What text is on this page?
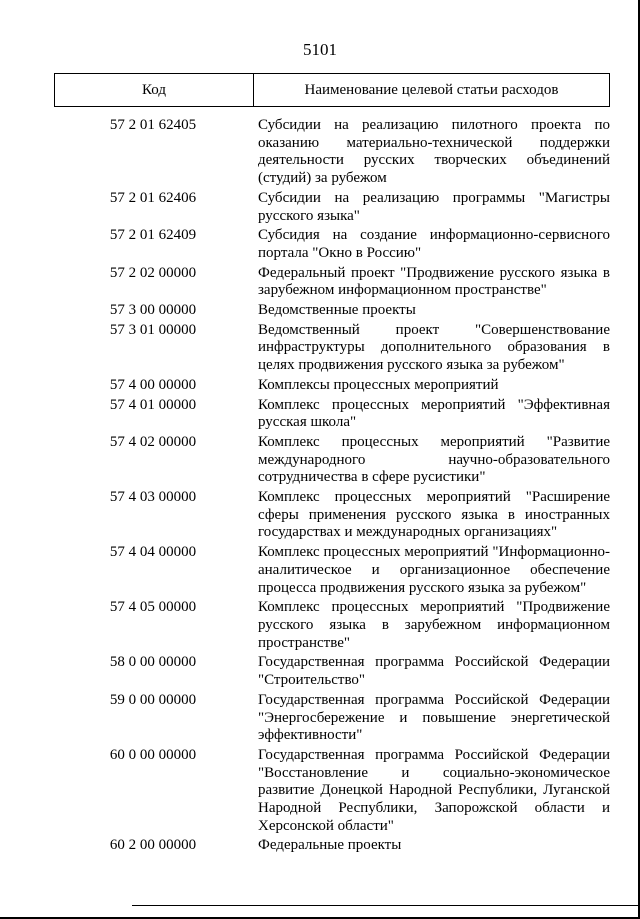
5101
Код	Наименование целевой статьи расходов
57 2 01 62405	Субсидии на реализацию пилотного проекта по оказанию материально-технической поддержки деятельности русских творческих объединений (студий) за рубежом
57 2 01 62406	Субсидии на реализацию программы "Магистры русского языка"
57 2 01 62409	Субсидия на создание информационно-сервисного портала "Окно в Россию"
57 2 02 00000	Федеральный проект "Продвижение русского языка в зарубежном информационном пространстве"
57 3 00 00000	Ведомственные проекты
57 3 01 00000	Ведомственный проект "Совершенствование инфраструктуры дополнительного образования в целях продвижения русского языка за рубежом"
57 4 00 00000	Комплексы процессных мероприятий
57 4 01 00000	Комплекс процессных мероприятий "Эффективная русская школа"
57 4 02 00000	Комплекс процессных мероприятий "Развитие международного научно-образовательного сотрудничества в сфере русистики"
57 4 03 00000	Комплекс процессных мероприятий "Расширение сферы применения русского языка в иностранных государствах и международных организациях"
57 4 04 00000	Комплекс процессных мероприятий "Информационно-аналитическое и организационное обеспечение процесса продвижения русского языка за рубежом"
57 4 05 00000	Комплекс процессных мероприятий "Продвижение русского языка в зарубежном информационном пространстве"
58 0 00 00000	Государственная программа Российской Федерации "Строительство"
59 0 00 00000	Государственная программа Российской Федерации "Энергосбережение и повышение энергетической эффективности"
60 0 00 00000	Государственная программа Российской Федерации "Восстановление и социально-экономическое развитие Донецкой Народной Республики, Луганской Народной Республики, Запорожской области и Херсонской области"
60 2 00 00000	Федеральные проекты
